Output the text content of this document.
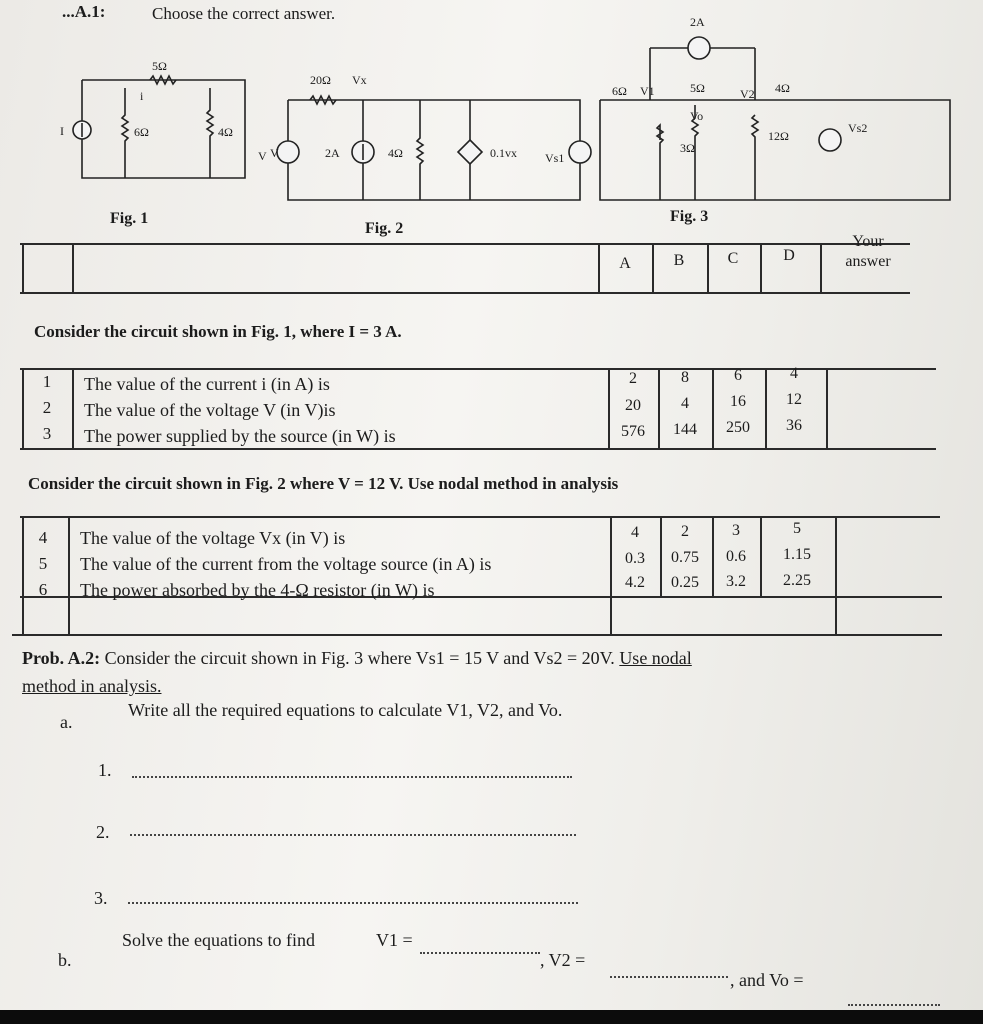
...A.1:	Choose the correct answer.
I
5Ω
6Ω	4Ω
i
V V
20Ω Vx
2A	4Ω	0.1vx
2A
6Ω V1	5Ω	4Ω
V2
3Ω
Vo
12Ω
Vs1
Vs2
Fig. 1
Fig. 2
Fig. 3
A	B	C	D
Your answer
Consider the circuit shown in Fig. 1, where I = 3 A.
1	The value of the current i (in A) is	2	8	6	4
2	The value of the voltage V (in V)is	20	4	16	12
3	The power supplied by the source (in W) is	576	144	250	36
Consider the circuit shown in Fig. 2 where V = 12 V. Use nodal method in analysis
4	The value of the voltage Vx (in V) is	4	2	3	5
5	The value of the current from the voltage source (in A) is	0.3	0.75	0.6	1.15
6	The power absorbed by the 4-Ω resistor (in W) is	4.2	0.25	3.2	2.25
Prob. A.2: Consider the circuit shown in Fig. 3 where Vs1 = 15 V and Vs2 = 20V. Use nodal
method in analysis.
a.
Write all the required equations to calculate V1, V2, and Vo.
1.
2.
3.
b.
Solve the equations to find	V1 =
, V2 =
, and Vo =
